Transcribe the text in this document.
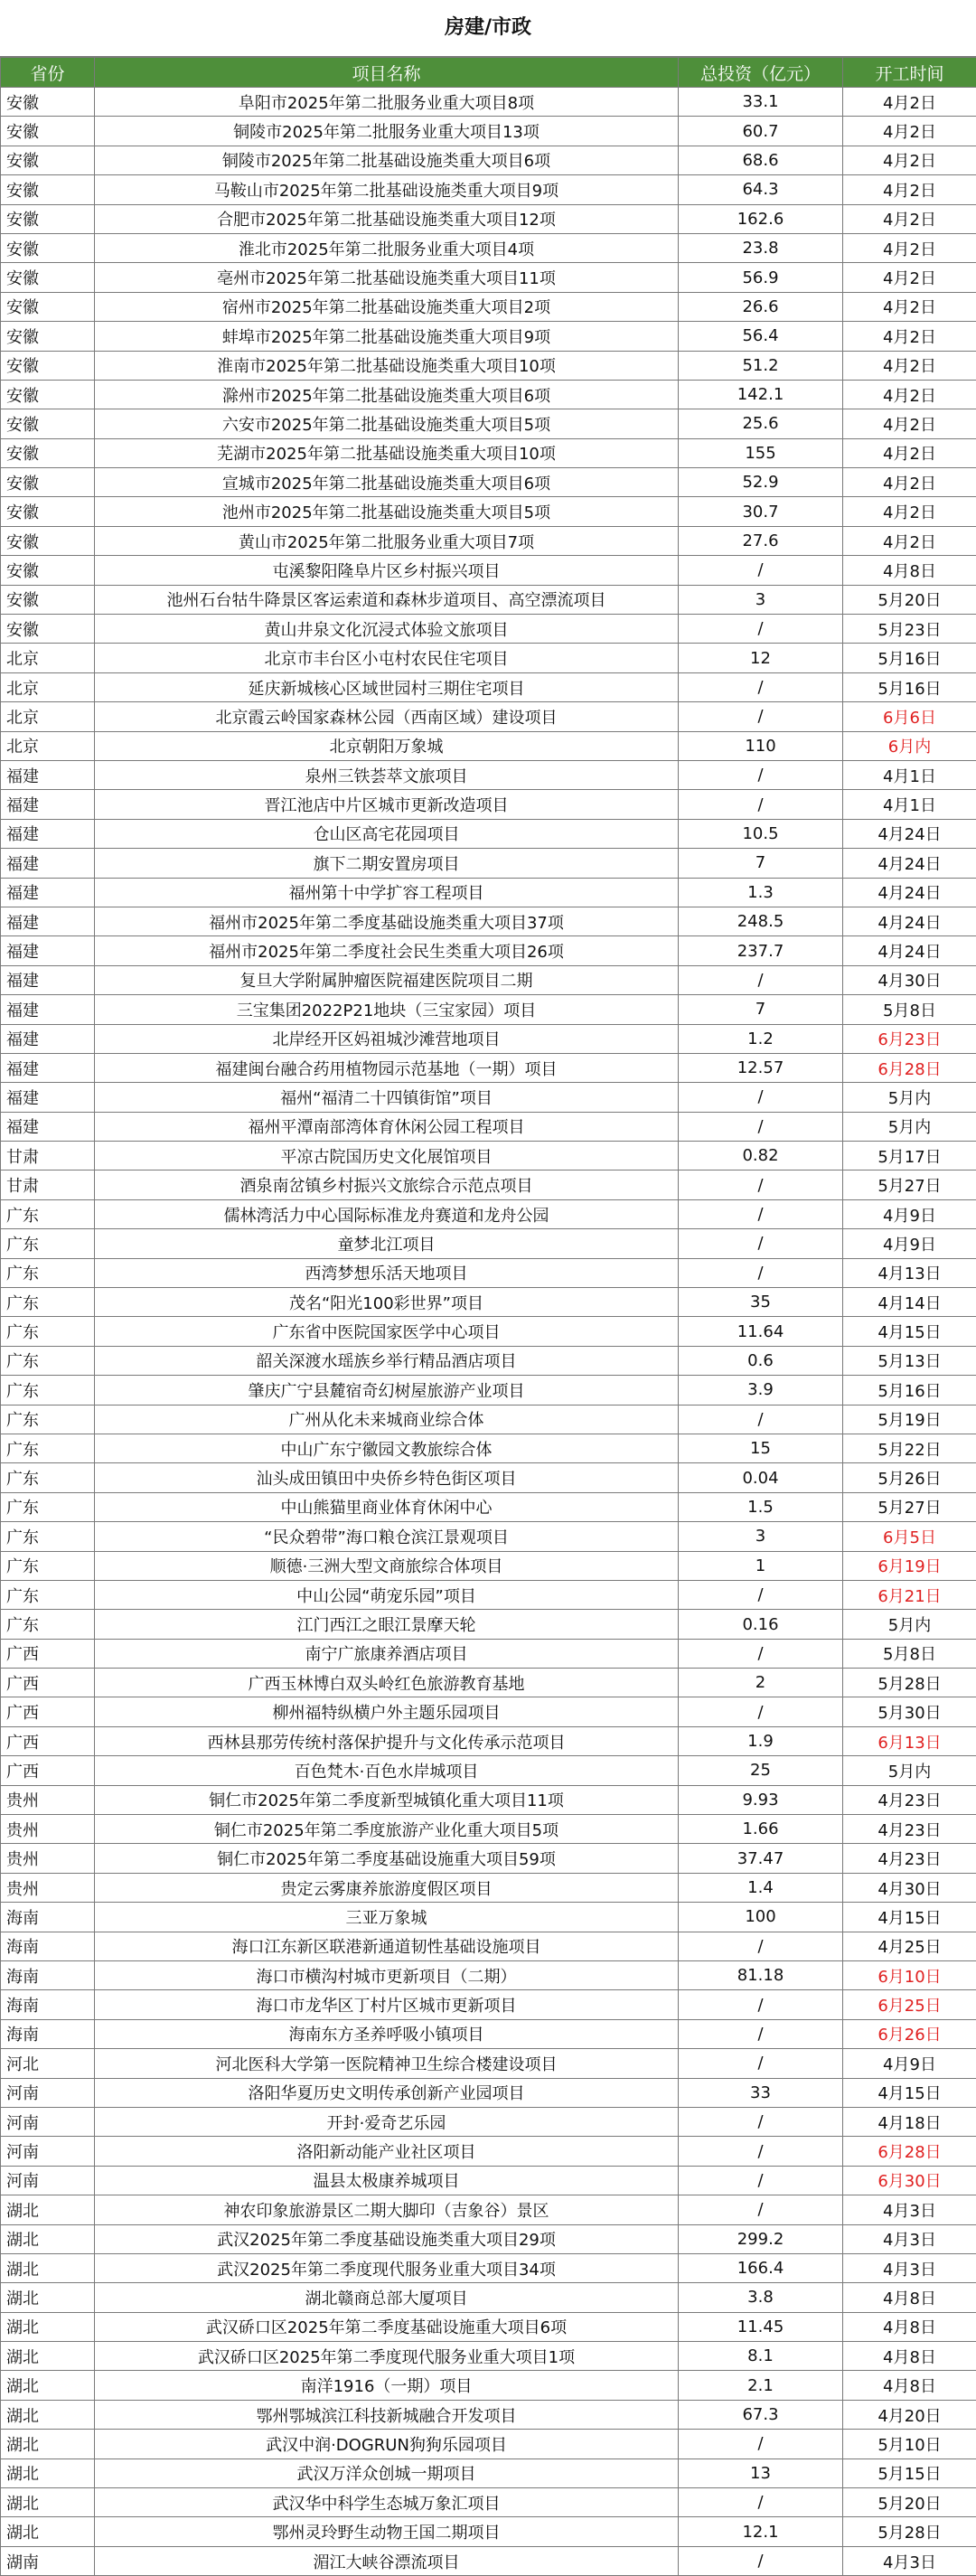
房建/市政
省份	项目名称	总投资（亿元）	开工时间
安徽	阜阳市2025年第二批服务业重大项目8项	33.1	4月2日
安徽	铜陵市2025年第二批服务业重大项目13项	60.7	4月2日
安徽	铜陵市2025年第二批基础设施类重大项目6项	68.6	4月2日
安徽	马鞍山市2025年第二批基础设施类重大项目9项	64.3	4月2日
安徽	合肥市2025年第二批基础设施类重大项目12项	162.6	4月2日
安徽	淮北市2025年第二批服务业重大项目4项	23.8	4月2日
安徽	亳州市2025年第二批基础设施类重大项目11项	56.9	4月2日
安徽	宿州市2025年第二批基础设施类重大项目2项	26.6	4月2日
安徽	蚌埠市2025年第二批基础设施类重大项目9项	56.4	4月2日
安徽	淮南市2025年第二批基础设施类重大项目10项	51.2	4月2日
安徽	滁州市2025年第二批基础设施类重大项目6项	142.1	4月2日
安徽	六安市2025年第二批基础设施类重大项目5项	25.6	4月2日
安徽	芜湖市2025年第二批基础设施类重大项目10项	155	4月2日
安徽	宣城市2025年第二批基础设施类重大项目6项	52.9	4月2日
安徽	池州市2025年第二批基础设施类重大项目5项	30.7	4月2日
安徽	黄山市2025年第二批服务业重大项目7项	27.6	4月2日
安徽	屯溪黎阳隆阜片区乡村振兴项目	/	4月8日
安徽	池州石台牯牛降景区客运索道和森林步道项目、高空漂流项目	3	5月20日
安徽	黄山井泉文化沉浸式体验文旅项目	/	5月23日
北京	北京市丰台区小屯村农民住宅项目	12	5月16日
北京	延庆新城核心区域世园村三期住宅项目	/	5月16日
北京	北京霞云岭国家森林公园（西南区域）建设项目	/	6月6日
北京	北京朝阳万象城	110	6月内
福建	泉州三铁荟萃文旅项目	/	4月1日
福建	晋江池店中片区城市更新改造项目	/	4月1日
福建	仓山区高宅花园项目	10.5	4月24日
福建	旗下二期安置房项目	7	4月24日
福建	福州第十中学扩容工程项目	1.3	4月24日
福建	福州市2025年第二季度基础设施类重大项目37项	248.5	4月24日
福建	福州市2025年第二季度社会民生类重大项目26项	237.7	4月24日
福建	复旦大学附属肿瘤医院福建医院项目二期	/	4月30日
福建	三宝集团2022P21地块（三宝家园）项目	7	5月8日
福建	北岸经开区妈祖城沙滩营地项目	1.2	6月23日
福建	福建闽台融合药用植物园示范基地（一期）项目	12.57	6月28日
福建	福州“福清二十四镇街馆”项目	/	5月内
福建	福州平潭南部湾体育休闲公园工程项目	/	5月内
甘肃	平凉古院国历史文化展馆项目	0.82	5月17日
甘肃	酒泉南岔镇乡村振兴文旅综合示范点项目	/	5月27日
广东	儒林湾活力中心国际标准龙舟赛道和龙舟公园	/	4月9日
广东	童梦北江项目	/	4月9日
广东	西湾梦想乐活天地项目	/	4月13日
广东	茂名“阳光100彩世界”项目	35	4月14日
广东	广东省中医院国家医学中心项目	11.64	4月15日
广东	韶关深渡水瑶族乡举行精品酒店项目	0.6	5月13日
广东	肇庆广宁县麓宿奇幻树屋旅游产业项目	3.9	5月16日
广东	广州从化未来城商业综合体	/	5月19日
广东	中山广东宁徽园文教旅综合体	15	5月22日
广东	汕头成田镇田中央侨乡特色街区项目	0.04	5月26日
广东	中山熊猫里商业体育休闲中心	1.5	5月27日
广东	“民众碧带”海口粮仓滨江景观项目	3	6月5日
广东	顺德·三洲大型文商旅综合体项目	1	6月19日
广东	中山公园“萌宠乐园”项目	/	6月21日
广东	江门西江之眼江景摩天轮	0.16	5月内
广西	南宁广旅康养酒店项目	/	5月8日
广西	广西玉林博白双头岭红色旅游教育基地	2	5月28日
广西	柳州福特纵横户外主题乐园项目	/	5月30日
广西	西林县那劳传统村落保护提升与文化传承示范项目	1.9	6月13日
广西	百色梵木·百色水岸城项目	25	5月内
贵州	铜仁市2025年第二季度新型城镇化重大项目11项	9.93	4月23日
贵州	铜仁市2025年第二季度旅游产业化重大项目5项	1.66	4月23日
贵州	铜仁市2025年第二季度基础设施重大项目59项	37.47	4月23日
贵州	贵定云雾康养旅游度假区项目	1.4	4月30日
海南	三亚万象城	100	4月15日
海南	海口江东新区联港新通道韧性基础设施项目	/	4月25日
海南	海口市横沟村城市更新项目（二期）	81.18	6月10日
海南	海口市龙华区丁村片区城市更新项目	/	6月25日
海南	海南东方圣养呼吸小镇项目	/	6月26日
河北	河北医科大学第一医院精神卫生综合楼建设项目	/	4月9日
河南	洛阳华夏历史文明传承创新产业园项目	33	4月15日
河南	开封·爱奇艺乐园	/	4月18日
河南	洛阳新动能产业社区项目	/	6月28日
河南	温县太极康养城项目	/	6月30日
湖北	神农印象旅游景区二期大脚印（吉象谷）景区	/	4月3日
湖北	武汉2025年第二季度基础设施类重大项目29项	299.2	4月3日
湖北	武汉2025年第二季度现代服务业重大项目34项	166.4	4月3日
湖北	湖北赣商总部大厦项目	3.8	4月8日
湖北	武汉硚口区2025年第二季度基础设施重大项目6项	11.45	4月8日
湖北	武汉硚口区2025年第二季度现代服务业重大项目1项	8.1	4月8日
湖北	南洋1916（一期）项目	2.1	4月8日
湖北	鄂州鄂城滨江科技新城融合开发项目	67.3	4月20日
湖北	武汉中润·DOGRUN狗狗乐园项目	/	5月10日
湖北	武汉万洋众创城一期项目	13	5月15日
湖北	武汉华中科学生态城万象汇项目	/	5月20日
湖北	鄂州灵玲野生动物王国二期项目	12.1	5月28日
湖南	湄江大峡谷漂流项目	/	4月3日
